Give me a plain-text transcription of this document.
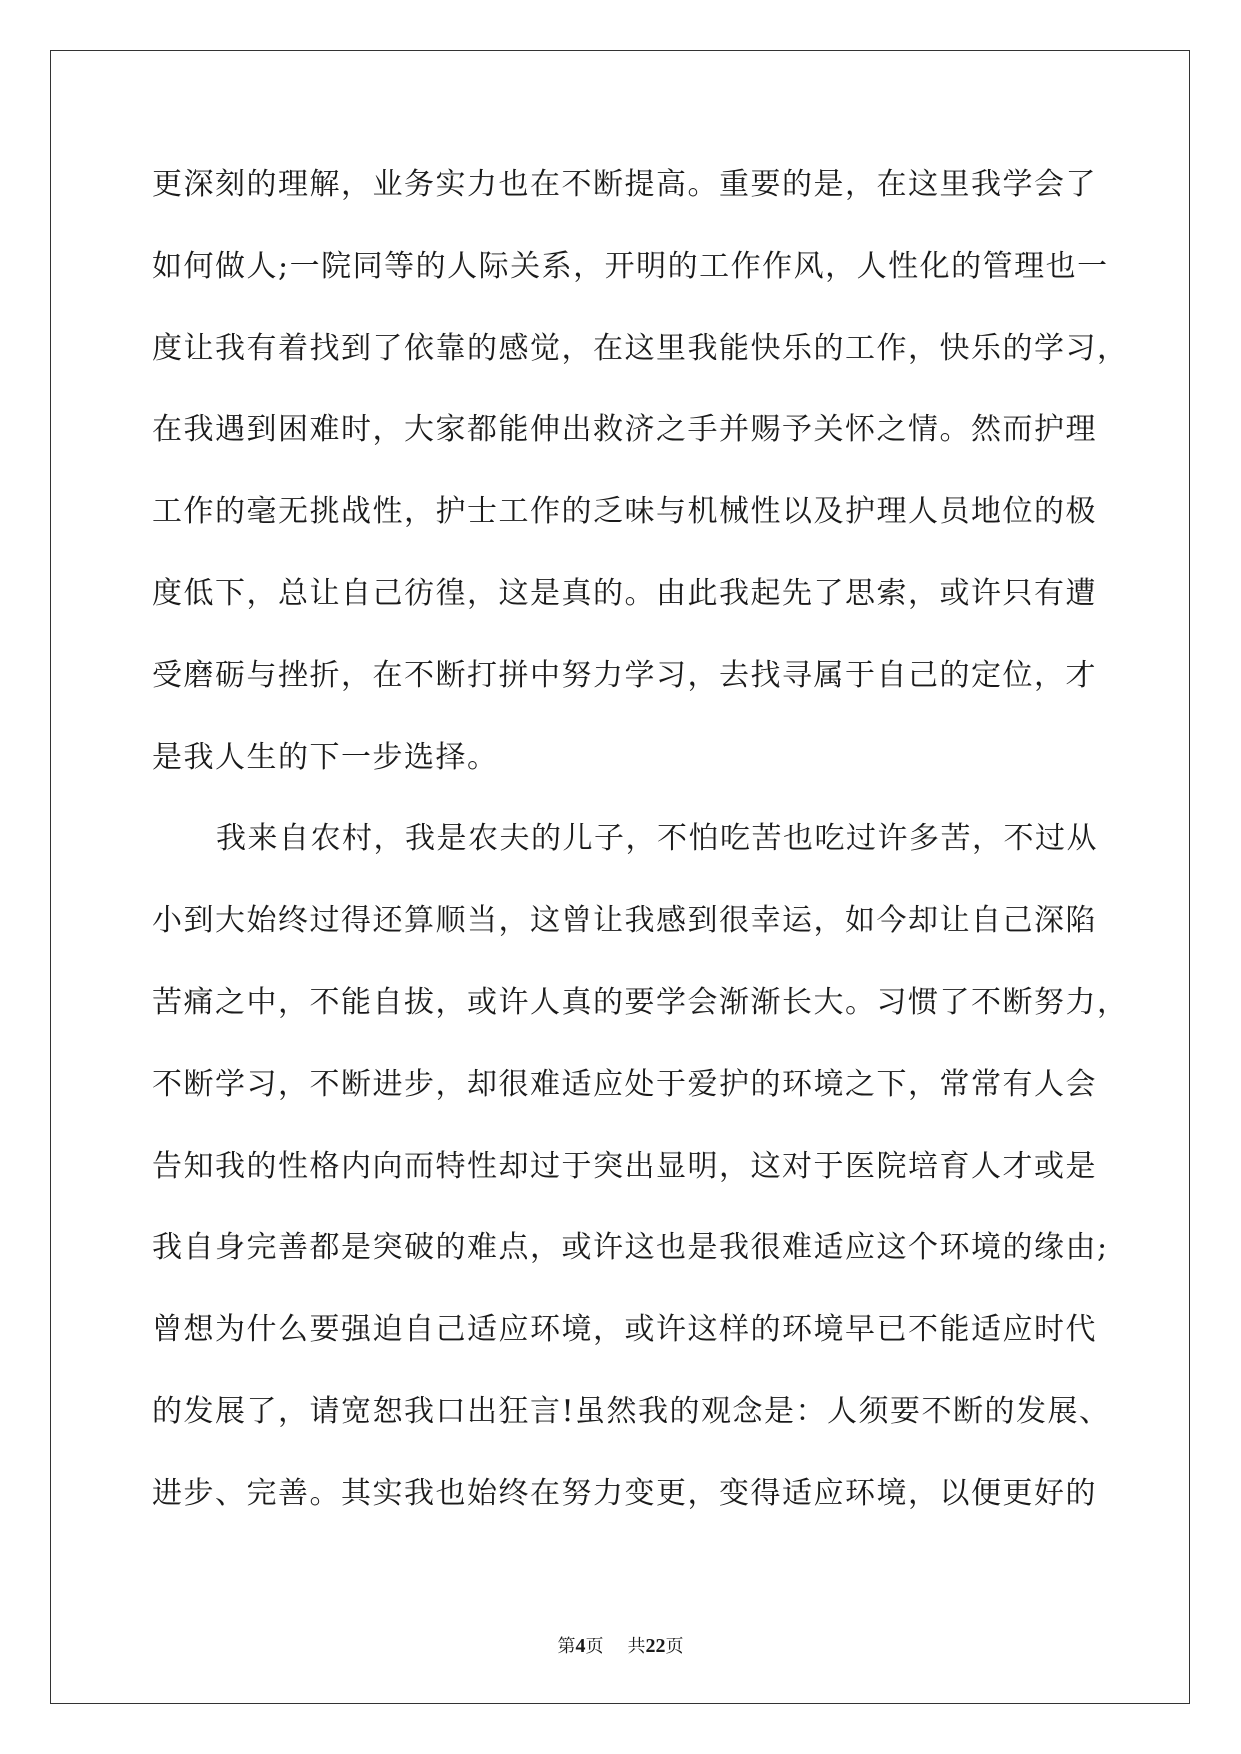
更深刻的理解，业务实力也在不断提高。重要的是，在这里我学会了
如何做人;一院同等的人际关系，开明的工作作风，人性化的管理也一
度让我有着找到了依靠的感觉，在这里我能快乐的工作，快乐的学习，
在我遇到困难时，大家都能伸出救济之手并赐予关怀之情。然而护理
工作的毫无挑战性，护士工作的乏味与机械性以及护理人员地位的极
度低下，总让自己彷徨，这是真的。由此我起先了思索，或许只有遭
受磨砺与挫折，在不断打拼中努力学习，去找寻属于自己的定位，才
是我人生的下一步选择。
我来自农村，我是农夫的儿子，不怕吃苦也吃过许多苦，不过从
小到大始终过得还算顺当，这曾让我感到很幸运，如今却让自己深陷
苦痛之中，不能自拔，或许人真的要学会渐渐长大。习惯了不断努力，
不断学习，不断进步，却很难适应处于爱护的环境之下，常常有人会
告知我的性格内向而特性却过于突出显明，这对于医院培育人才或是
我自身完善都是突破的难点，或许这也是我很难适应这个环境的缘由;
曾想为什么要强迫自己适应环境，或许这样的环境早已不能适应时代
的发展了，请宽恕我口出狂言!虽然我的观念是：人须要不断的发展、
进步、完善。其实我也始终在努力变更，变得适应环境，以便更好的
第4页 共22页
